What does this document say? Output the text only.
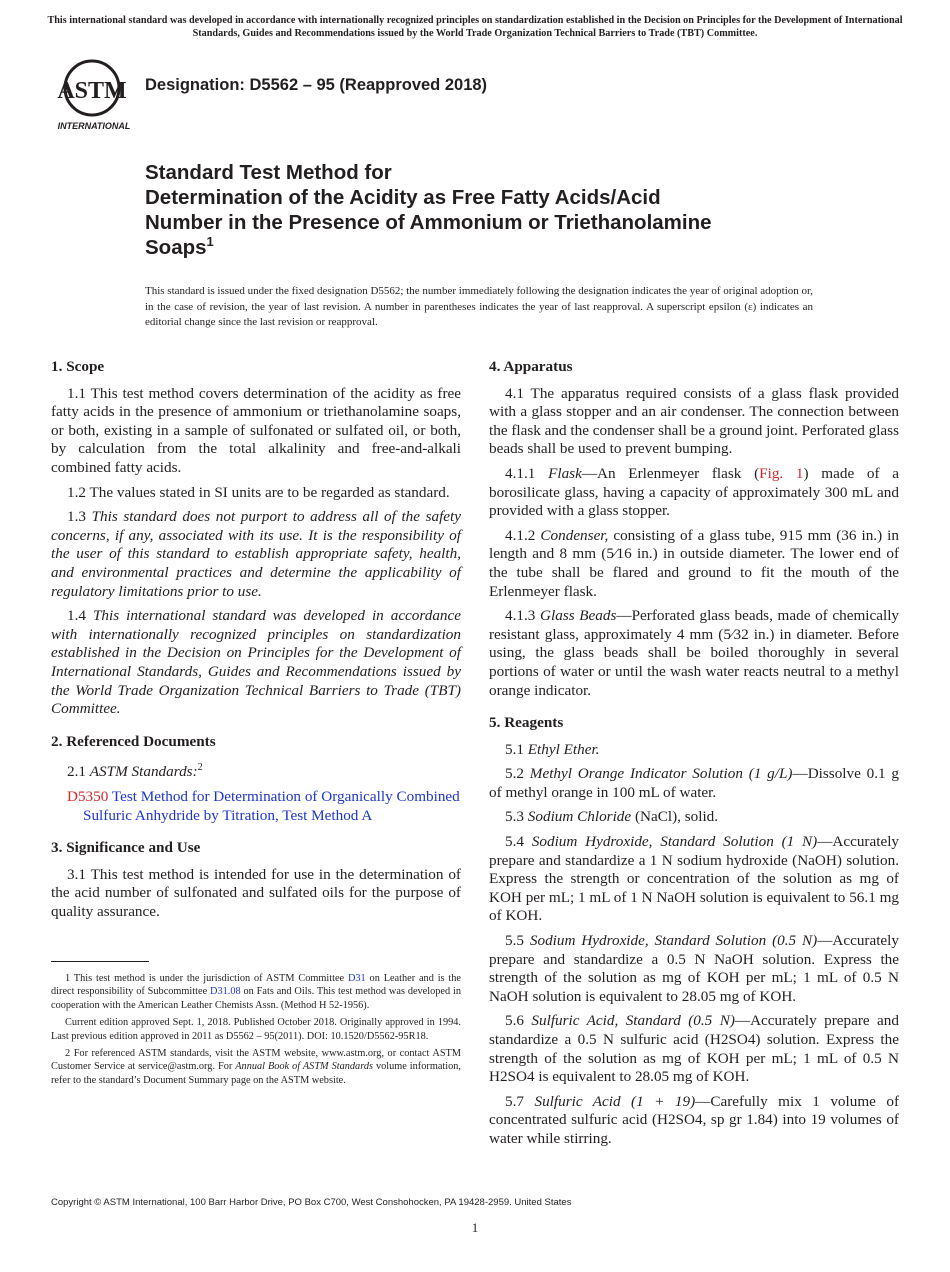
This international standard was developed in accordance with internationally recognized principles on standardization established in the Decision on Principles for the Development of International Standards, Guides and Recommendations issued by the World Trade Organization Technical Barriers to Trade (TBT) Committee.
ASTM
INTERNATIONAL
Designation: D5562 – 95 (Reapproved 2018)
Standard Test Method for
Determination of the Acidity as Free Fatty Acids/Acid
Number in the Presence of Ammonium or Triethanolamine
Soaps$^1$
This standard is issued under the fixed designation D5562; the number immediately following the designation indicates the year of original adoption or, in the case of revision, the year of last revision. A number in parentheses indicates the year of last reapproval. A superscript epsilon (ε) indicates an editorial change since the last revision or reapproval.
1. Scope

1.1 This test method covers determination of the acidity as free fatty acids in the presence of ammonium or triethanolamine soaps, or both, existing in a sample of sulfonated or sulfated oil, or both, by calculation from the total alkalinity and free-and-alkali combined fatty acids.

1.2 The values stated in SI units are to be regarded as standard.

1.3 This standard does not purport to address all of the safety concerns, if any, associated with its use. It is the responsibility of the user of this standard to establish appropriate safety, health, and environmental practices and determine the applicability of regulatory limitations prior to use.

1.4 This international standard was developed in accordance with internationally recognized principles on standardization established in the Decision on Principles for the Development of International Standards, Guides and Recommendations issued by the World Trade Organization Technical Barriers to Trade (TBT) Committee.

2. Referenced Documents

2.1 ASTM Standards:$^2$

D5350 Test Method for Determination of Organically Combined Sulfuric Anhydride by Titration, Test Method A
3. Significance and Use

3.1 This test method is intended for use in the determination of the acid number of sulfonated and sulfated oils for the purpose of quality assurance.

4. Apparatus

4.1 The apparatus required consists of a glass flask provided with a glass stopper and an air condenser. The connection between the flask and the condenser shall be a ground joint. Perforated glass beads shall be used to prevent bumping.

4.1.1 Flask—An Erlenmeyer flask (Fig. 1) made of a borosilicate glass, having a capacity of approximately 300 mL and provided with a glass stopper.

4.1.2 Condenser, consisting of a glass tube, 915 mm (36 in.) in length and 8 mm (5⁄16 in.) in outside diameter. The lower end of the tube shall be flared and ground to fit the mouth of the Erlenmeyer flask.

4.1.3 Glass Beads—Perforated glass beads, made of chemically resistant glass, approximately 4 mm (5⁄32 in.) in diameter. Before using, the glass beads shall be boiled thoroughly in several portions of water or until the wash water reacts neutral to a methyl orange indicator.

5. Reagents

5.1 Ethyl Ether.

5.2 Methyl Orange Indicator Solution (1 g/L)—Dissolve 0.1 g of methyl orange in 100 mL of water.

5.3 Sodium Chloride (NaCl), solid.

5.4 Sodium Hydroxide, Standard Solution (1 N)—Accurately prepare and standardize a 1 N sodium hydroxide (NaOH) solution. Express the strength or concentration of the solution as mg of KOH per mL; 1 mL of 1 N NaOH solution is equivalent to 56.1 mg of KOH.

5.5 Sodium Hydroxide, Standard Solution (0.5 N)—Accurately prepare and standardize a 0.5 N NaOH solution. Express the strength of the solution as mg of KOH per mL; 1 mL of 0.5 N NaOH solution is equivalent to 28.05 mg of KOH.

5.6 Sulfuric Acid, Standard (0.5 N)—Accurately prepare and standardize a 0.5 N sulfuric acid (H2SO4) solution. Express the strength of the solution as mg of KOH per mL; 1 mL of 0.5 N H2SO4 is equivalent to 28.05 mg of KOH.

5.7 Sulfuric Acid (1 + 19)—Carefully mix 1 volume of concentrated sulfuric acid (H2SO4, sp gr 1.84) into 19 volumes of water while stirring.

1 This test method is under the jurisdiction of ASTM Committee D31 on Leather and is the direct responsibility of Subcommittee D31.08 on Fats and Oils. This test method was developed in cooperation with the American Leather Chemists Assn. (Method H 52-1956).

Current edition approved Sept. 1, 2018. Published October 2018. Originally approved in 1994. Last previous edition approved in 2011 as D5562 – 95(2011). DOI: 10.1520/D5562-95R18.

2 For referenced ASTM standards, visit the ASTM website, www.astm.org, or contact ASTM Customer Service at service@astm.org. For Annual Book of ASTM Standards volume information, refer to the standard’s Document Summary page on the ASTM website.

Copyright © ASTM International, 100 Barr Harbor Drive, PO Box C700, West Conshohocken, PA 19428-2959. United States
1
